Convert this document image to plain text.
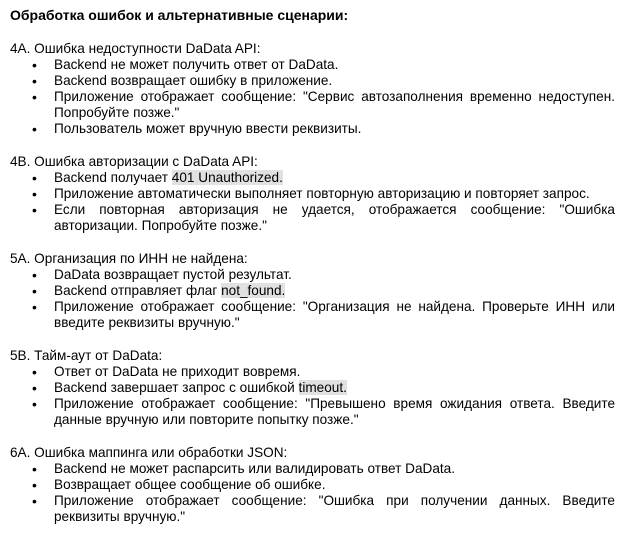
Обработка ошибок и альтернативные сценарии:
4А. Ошибка недоступности DaData API:
• Backend не может получить ответ от DaData.
• Backend возвращает ошибку в приложение.
• Приложение отображает сообщение: "Сервис автозаполнения временно недоступен. Попробуйте позже."
• Пользователь может вручную ввести реквизиты.
4B. Ошибка авторизации с DaData API:
• Backend получает 401 Unauthorized.
• Приложение автоматически выполняет повторную авторизацию и повторяет запрос.
• Если повторная авторизация не удается, отображается сообщение: "Ошибка авторизации. Попробуйте позже."
5А. Организация по ИНН не найдена:
• DaData возвращает пустой результат.
• Backend отправляет флаг not_found.
• Приложение отображает сообщение: "Организация не найдена. Проверьте ИНН или введите реквизиты вручную."
5В. Тайм-аут от DaData:
• Ответ от DaData не приходит вовремя.
• Backend завершает запрос с ошибкой timeout.
• Приложение отображает сообщение: "Превышено время ожидания ответа. Введите данные вручную или повторите попытку позже."
6А. Ошибка маппинга или обработки JSON:
• Backend не может распарсить или валидировать ответ DaData.
• Возвращает общее сообщение об ошибке.
• Приложение отображает сообщение: "Ошибка при получении данных. Введите реквизиты вручную."
